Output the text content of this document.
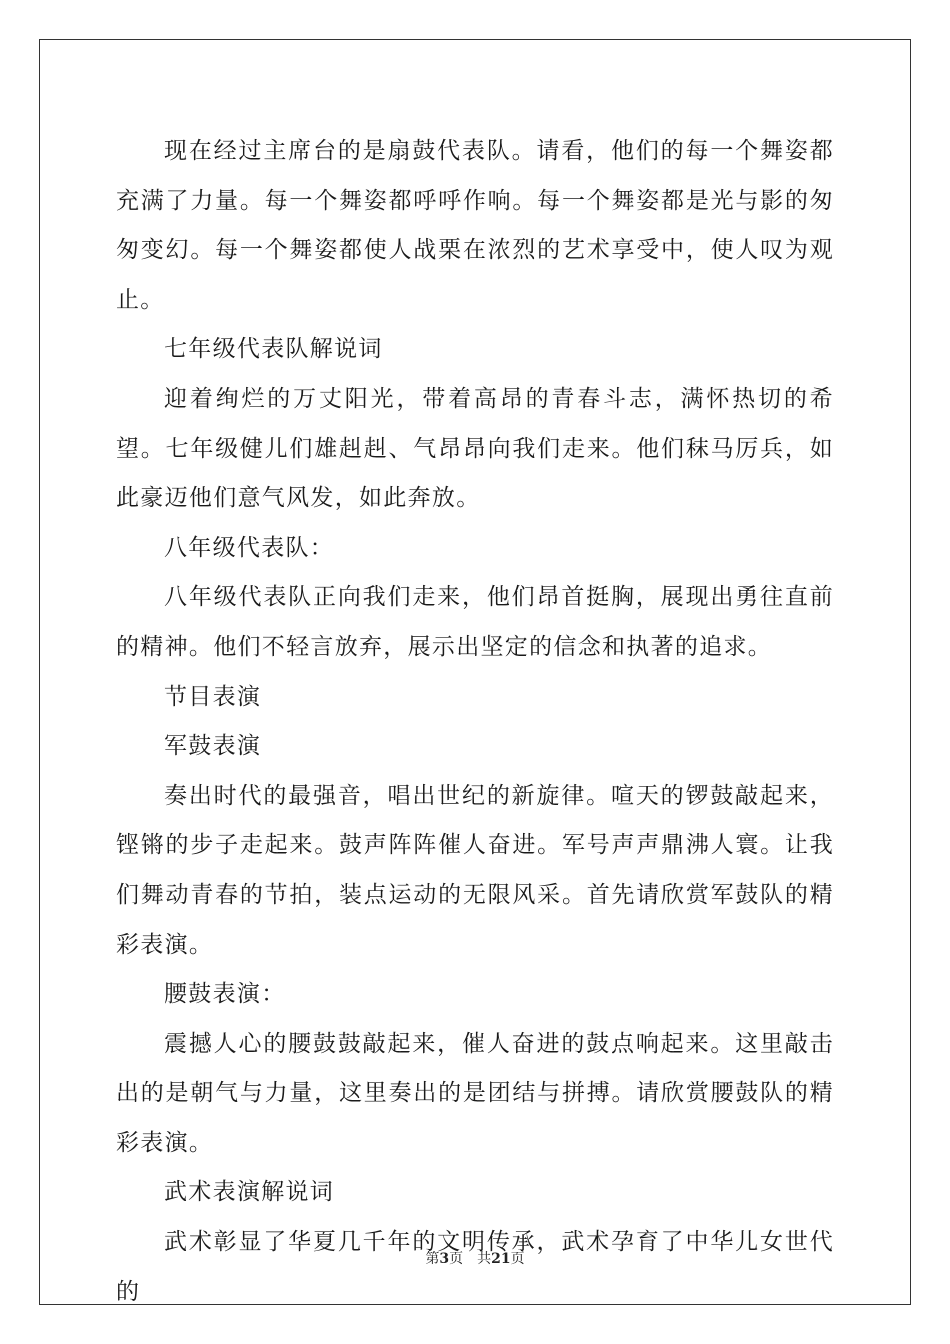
现在经过主席台的是扇鼓代表队。请看，他们的每一个舞姿都充满了力量。每一个舞姿都呼呼作响。每一个舞姿都是光与影的匆匆变幻。每一个舞姿都使人战栗在浓烈的艺术享受中，使人叹为观止。

七年级代表队解说词

迎着绚烂的万丈阳光，带着高昂的青春斗志，满怀热切的希望。七年级健儿们雄赳赳、气昂昂向我们走来。他们秣马厉兵，如此豪迈他们意气风发，如此奔放。

八年级代表队：

八年级代表队正向我们走来，他们昂首挺胸，展现出勇往直前的精神。他们不轻言放弃，展示出坚定的信念和执著的追求。

节目表演

军鼓表演

奏出时代的最强音，唱出世纪的新旋律。喧天的锣鼓敲起来，铿锵的步子走起来。鼓声阵阵催人奋进。军号声声鼎沸人寰。让我们舞动青春的节拍，装点运动的无限风采。首先请欣赏军鼓队的精彩表演。

腰鼓表演：

震撼人心的腰鼓鼓敲起来，催人奋进的鼓点响起来。这里敲击出的是朝气与力量，这里奏出的是团结与拼搏。请欣赏腰鼓队的精彩表演。

武术表演解说词

武术彰显了华夏几千年的文明传承，武术孕育了中华儿女世代的

第3页 共21页
